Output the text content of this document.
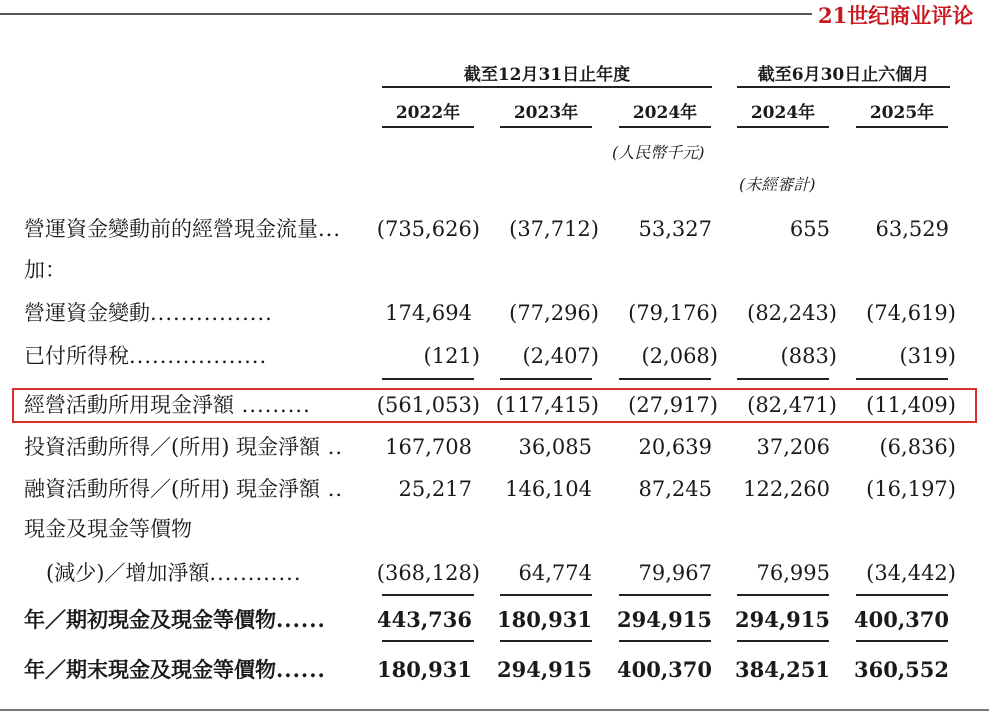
21世纪商业评论
截至12月31日止年度	截至6月30日止六個月
2022年	2023年	2024年	2024年	2025年
(人民幣千元)
(未經審計)
營運資金變動前的經營現金流量...	(735,626)	(37,712)	53,327	655	63,529
加：
營運資金變動................	174,694	(77,296)	(79,176)	(82,243)	(74,619)
已付所得稅..................	(121)	(2,407)	(2,068)	(883)	(319)
經營活動所用現金淨額 .........	(561,053) (117,415)	(27,917)	(82,471)	(11,409)
投資活動所得／(所用) 現金淨額 ..	167,708	36,085	20,639	37,206	(6,836)
融資活動所得／(所用) 現金淨額 ..	25,217	146,104	87,245	122,260	(16,197)
現金及現金等價物
(減少)／增加淨額............	(368,128)	64,774	79,967	76,995	(34,442)
年／期初現金及現金等價物......	443,736	180,931	294,915	294,915	400,370
年／期末現金及現金等價物......	180,931	294,915	400,370	384,251	360,552
